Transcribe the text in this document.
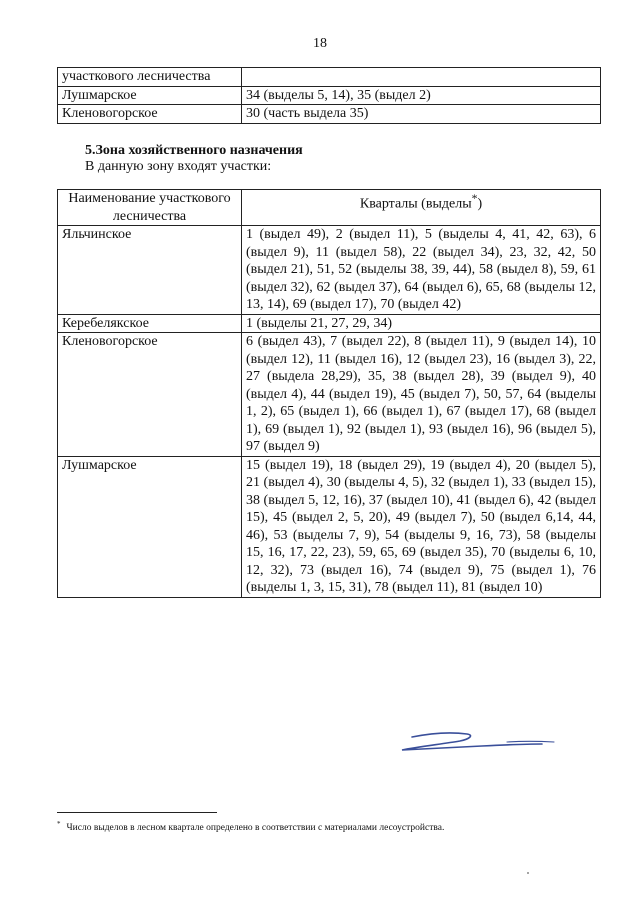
18
участкового лесничества	
Лушмарское	34 (выделы 5, 14), 35 (выдел 2)
Кленовогорское	30 (часть выдела 35)
5.Зона хозяйственного назначения
В данную зону входят участки:
Наименование участкового лесничества	Кварталы (выделы*)
Яльчинское	1 (выдел 49), 2 (выдел 11), 5 (выделы 4, 41, 42, 63), 6 (выдел 9), 11 (выдел 58), 22 (выдел 34), 23, 32, 42, 50 (выдел 21), 51, 52 (выделы 38, 39, 44), 58 (выдел 8), 59, 61 (выдел 32), 62 (выдел 37), 64 (выдел 6), 65, 68 (выделы 12, 13, 14), 69 (выдел 17), 70 (выдел 42)
Керебелякское	1 (выделы 21, 27, 29, 34)
Кленовогорское	6 (выдел 43), 7 (выдел 22), 8 (выдел 11), 9 (выдел 14), 10 (выдел 12), 11 (выдел 16), 12 (выдел 23), 16 (выдел 3), 22, 27 (выдела 28,29), 35, 38 (выдел 28), 39 (выдел 9), 40 (выдел 4), 44 (выдел 19), 45 (выдел 7), 50, 57, 64 (выделы 1, 2), 65 (выдел 1), 66 (выдел 1), 67 (выдел 17), 68 (выдел 1), 69 (выдел 1), 92 (выдел 1), 93 (выдел 16), 96 (выдел 5), 97 (выдел 9)
Лушмарское	15 (выдел 19), 18 (выдел 29), 19 (выдел 4), 20 (выдел 5), 21 (выдел 4), 30 (выделы 4, 5), 32 (выдел 1), 33 (выдел 15), 38 (выдел 5, 12, 16), 37 (выдел 10), 41 (выдел 6), 42 (выдел 15), 45 (выдел 2, 5, 20), 49 (выдел 7), 50 (выдел 6,14, 44, 46), 53 (выделы 7, 9), 54 (выделы 9, 16, 73), 58 (выделы 15, 16, 17, 22, 23), 59, 65, 69 (выдел 35), 70 (выделы 6, 10, 12, 32), 73 (выдел 16), 74 (выдел 9), 75 (выдел 1), 76 (выделы 1, 3, 15, 31), 78 (выдел 11), 81 (выдел 10)
* Число выделов в лесном квартале определено в соответствии с материалами лесоустройства.
